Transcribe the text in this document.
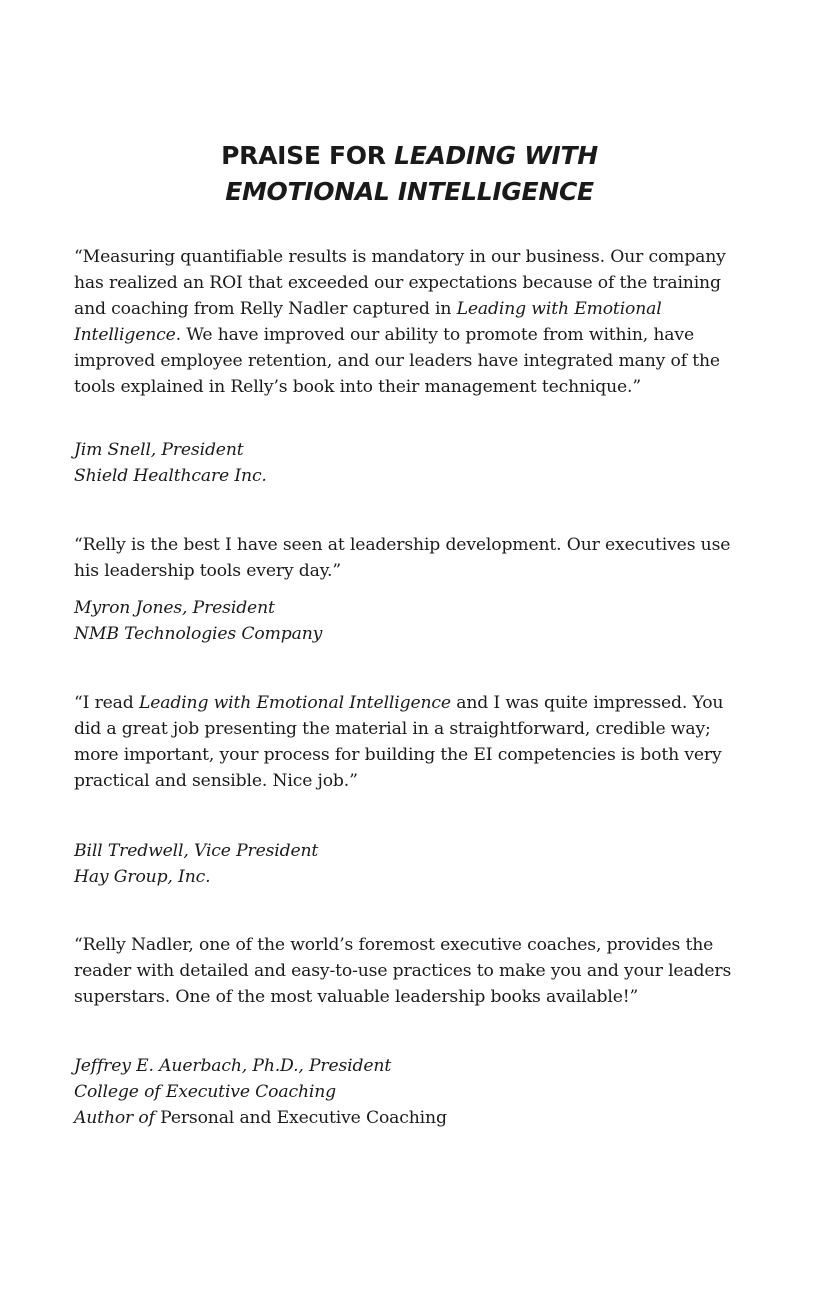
PRAISE FOR LEADING WITH
EMOTIONAL INTELLIGENCE

“Measuring quantifiable results is mandatory in our business. Our company has realized an ROI that exceeded our expectations because of the training and coaching from Relly Nadler captured in Leading with Emotional Intelligence. We have improved our ability to promote from within, have improved employee retention, and our leaders have integrated many of the tools explained in Relly’s book into their management technique.”

Jim Snell, President
Shield Healthcare Inc.

“Relly is the best I have seen at leadership development. Our executives use his leadership tools every day.”

Myron Jones, President
NMB Technologies Company

“I read Leading with Emotional Intelligence and I was quite impressed. You did a great job presenting the material in a straightforward, credible way; more important, your process for building the EI competencies is both very practical and sensible. Nice job.”

Bill Tredwell, Vice President
Hay Group, Inc.

“Relly Nadler, one of the world’s foremost executive coaches, provides the reader with detailed and easy-to-use practices to make you and your leaders superstars. One of the most valuable leadership books available!”

Jeffrey E. Auerbach, Ph.D., President
College of Executive Coaching
Author of Personal and Executive Coaching
